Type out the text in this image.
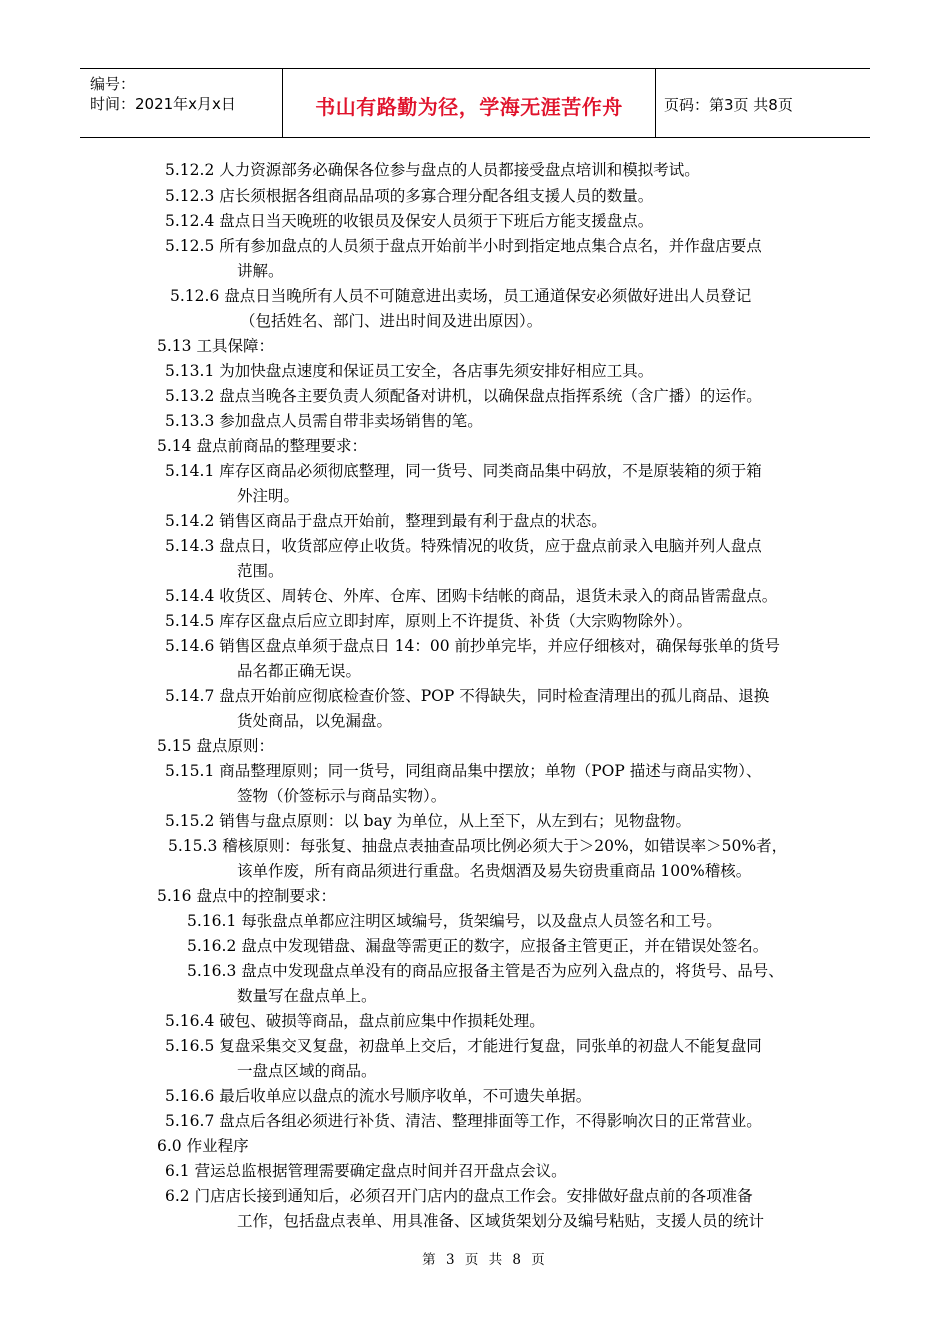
编号：
时间：2021年x月x日	书山有路勤为径，学海无涯苦作舟	页码：第3页 共8页
5.12.2 人力资源部务必确保各位参与盘点的人员都接受盘点培训和模拟考试。
5.12.3 店长须根据各组商品品项的多寡合理分配各组支援人员的数量。
5.12.4 盘点日当天晚班的收银员及保安人员须于下班后方能支援盘点。
5.12.5 所有参加盘点的人员须于盘点开始前半小时到指定地点集合点名，并作盘店要点
讲解。
5.12.6 盘点日当晚所有人员不可随意进出卖场，员工通道保安必须做好进出人员登记
（包括姓名、部门、进出时间及进出原因）。
5.13 工具保障：
5.13.1 为加快盘点速度和保证员工安全，各店事先须安排好相应工具。
5.13.2 盘点当晚各主要负责人须配备对讲机，以确保盘点指挥系统（含广播）的运作。
5.13.3 参加盘点人员需自带非卖场销售的笔。
5.14 盘点前商品的整理要求：
5.14.1 库存区商品必须彻底整理，同一货号、同类商品集中码放，不是原装箱的须于箱
外注明。
5.14.2 销售区商品于盘点开始前，整理到最有利于盘点的状态。
5.14.3 盘点日，收货部应停止收货。特殊情况的收货，应于盘点前录入电脑并列人盘点
范围。
5.14.4 收货区、周转仓、外库、仓库、团购卡结帐的商品，退货未录入的商品皆需盘点。
5.14.5 库存区盘点后应立即封库，原则上不许提货、补货（大宗购物除外）。
5.14.6 销售区盘点单须于盘点日 14：00 前抄单完毕，并应仔细核对，确保每张单的货号
品名都正确无误。
5.14.7 盘点开始前应彻底检查价签、POP 不得缺失，同时检查清理出的孤儿商品、退换
货处商品，以免漏盘。
5.15 盘点原则：
5.15.1 商品整理原则；同一货号，同组商品集中摆放；单物（POP 描述与商品实物）、
签物（价签标示与商品实物）。
5.15.2 销售与盘点原则：以 bay 为单位，从上至下，从左到右；见物盘物。
5.15.3 稽核原则：每张复、抽盘点表抽查品项比例必须大于＞20%，如错误率＞50%者，
该单作废，所有商品须进行重盘。名贵烟酒及易失窃贵重商品 100%稽核。
5.16 盘点中的控制要求：
5.16.1 每张盘点单都应注明区域编号，货架编号，以及盘点人员签名和工号。
5.16.2 盘点中发现错盘、漏盘等需更正的数字，应报备主管更正，并在错误处签名。
5.16.3 盘点中发现盘点单没有的商品应报备主管是否为应列入盘点的，将货号、品号、
数量写在盘点单上。
5.16.4 破包、破损等商品，盘点前应集中作损耗处理。
5.16.5 复盘采集交叉复盘，初盘单上交后，才能进行复盘，同张单的初盘人不能复盘同
一盘点区域的商品。
5.16.6 最后收单应以盘点的流水号顺序收单，不可遗失单据。
5.16.7 盘点后各组必须进行补货、清洁、整理排面等工作，不得影响次日的正常营业。
6.0 作业程序
6.1 营运总监根据管理需要确定盘点时间并召开盘点会议。
6.2 门店店长接到通知后，必须召开门店内的盘点工作会。安排做好盘点前的各项准备
工作，包括盘点表单、用具准备、区域货架划分及编号粘贴，支援人员的统计
第 3 页 共 8 页
